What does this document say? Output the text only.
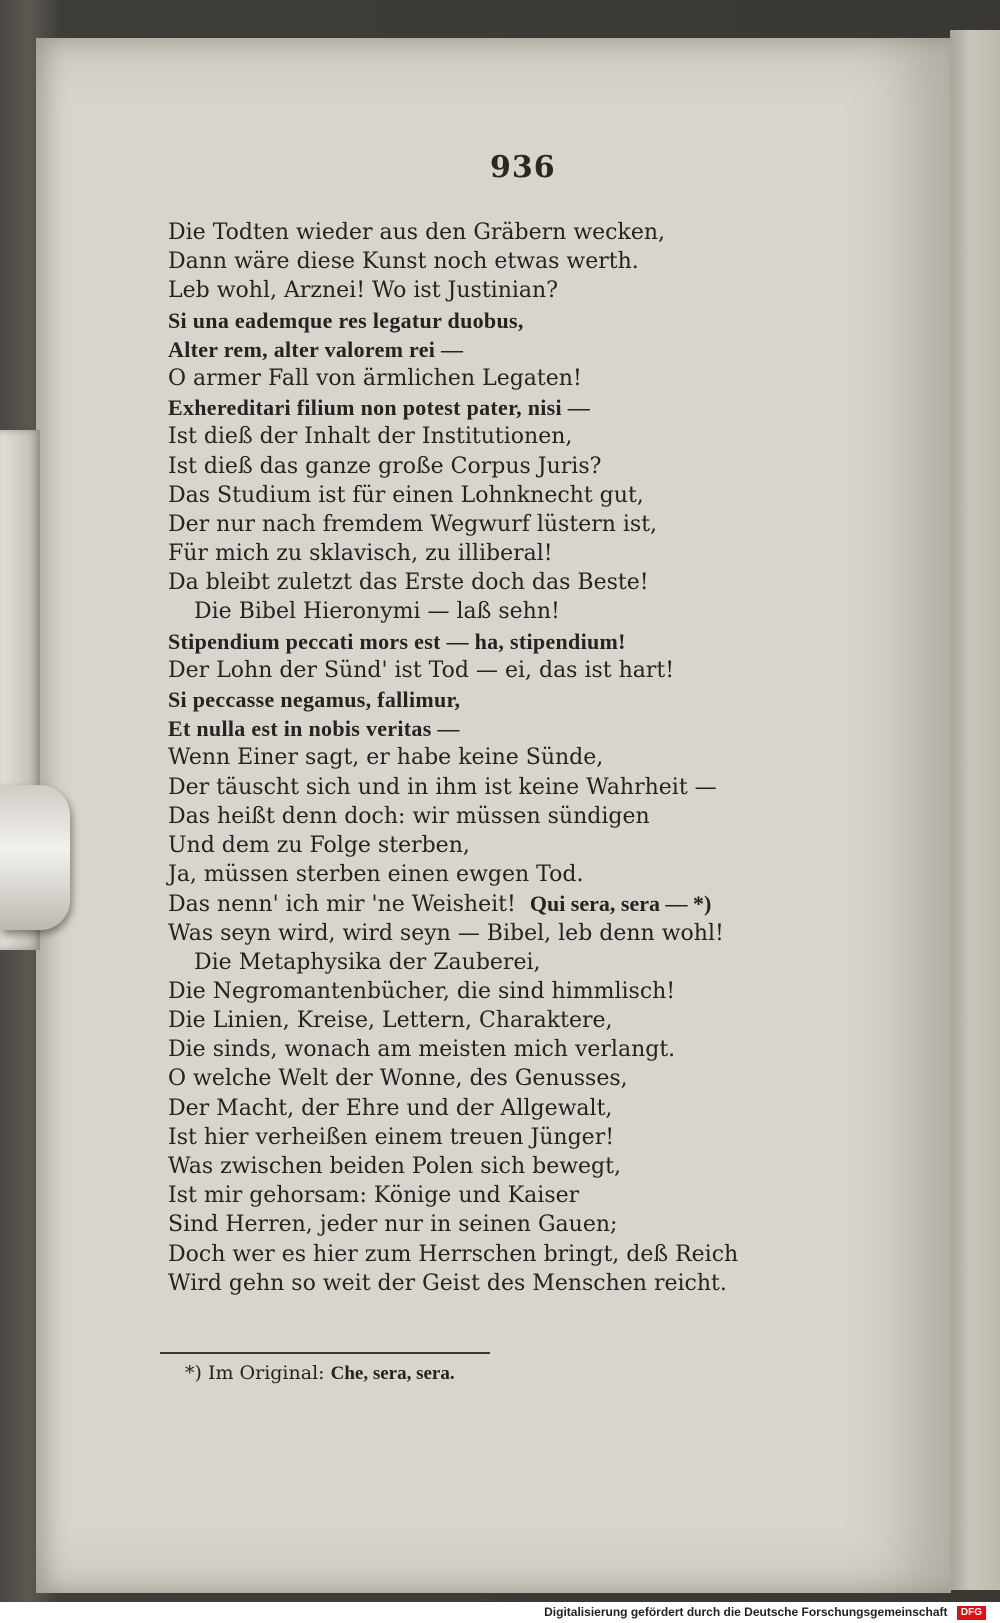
936
Die Todten wieder aus den Gräbern wecken,
Dann wäre diese Kunst noch etwas werth.
Leb wohl, Arznei! Wo ist Justinian?
Si una eademque res legatur duobus,
Alter rem, alter valorem rei —
O armer Fall von ärmlichen Legaten!
Exhereditari filium non potest pater, nisi —
Ist dieß der Inhalt der Institutionen,
Ist dieß das ganze große Corpus Juris?
Das Studium ist für einen Lohnknecht gut,
Der nur nach fremdem Wegwurf lüstern ist,
Für mich zu sklavisch, zu illiberal!
Da bleibt zuletzt das Erste doch das Beste!
Die Bibel Hieronymi — laß sehn!
Stipendium peccati mors est — ha, stipendium!
Der Lohn der Sünd' ist Tod — ei, das ist hart!
Si peccasse negamus, fallimur,
Et nulla est in nobis veritas —
Wenn Einer sagt, er habe keine Sünde,
Der täuscht sich und in ihm ist keine Wahrheit —
Das heißt denn doch: wir müssen sündigen
Und dem zu Folge sterben,
Ja, müssen sterben einen ewgen Tod.
Das nenn' ich mir 'ne Weisheit! Qui sera, sera — *)
Was seyn wird, wird seyn — Bibel, leb denn wohl!
Die Metaphysika der Zauberei,
Die Negromantenbücher, die sind himmlisch!
Die Linien, Kreise, Lettern, Charaktere,
Die sinds, wonach am meisten mich verlangt.
O welche Welt der Wonne, des Genusses,
Der Macht, der Ehre und der Allgewalt,
Ist hier verheißen einem treuen Jünger!
Was zwischen beiden Polen sich bewegt,
Ist mir gehorsam: Könige und Kaiser
Sind Herren, jeder nur in seinen Gauen;
Doch wer es hier zum Herrschen bringt, deß Reich
Wird gehn so weit der Geist des Menschen reicht.
*) Im Original: Che, sera, sera.
Digitalisierung gefördert durch die Deutsche Forschungsgemeinschaft DFG
